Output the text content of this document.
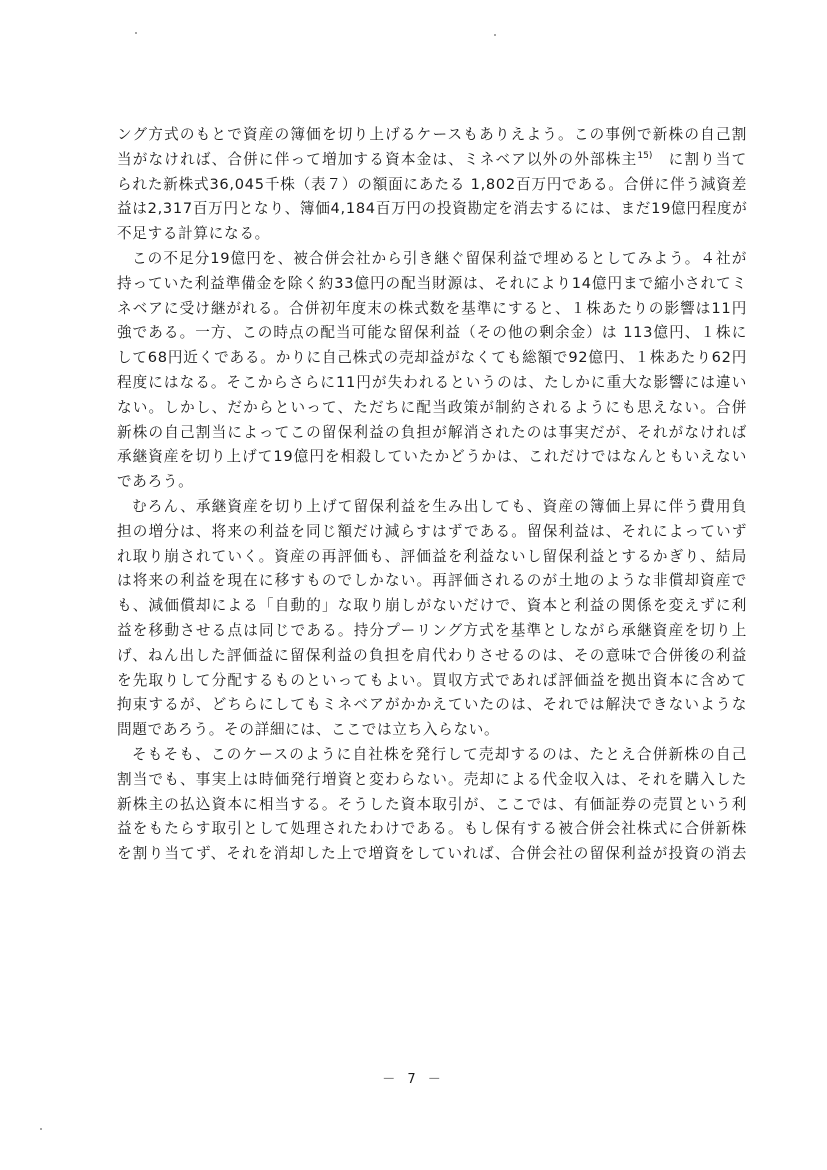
ング方式のもとで資産の簿価を切り上げるケースもありえよう。この事例で新株の自己割
当がなければ、合併に伴って増加する資本金は、ミネベア以外の外部株主$^{15)}$　 に割り当て
られた新株式36,045千株（表７）の額面にあたる 1,802百万円である。合併に伴う減資差
益は2,317百万円となり、簿価4,184百万円の投資勘定を消去するには、まだ19億円程度が
不足する計算になる。
この不足分19億円を、被合併会社から引き継ぐ留保利益で埋めるとしてみよう。４社が
持っていた利益準備金を除く約33億円の配当財源は、それにより14億円まで縮小されてミ
ネベアに受け継がれる。合併初年度末の株式数を基準にすると、１株あたりの影響は11円
強である。一方、この時点の配当可能な留保利益（その他の剰余金）は 113億円、１株に
して68円近くである。かりに自己株式の売却益がなくても総額で92億円、１株あたり62円
程度にはなる。そこからさらに11円が失われるというのは、たしかに重大な影響には違い
ない。しかし、だからといって、ただちに配当政策が制約されるようにも思えない。合併
新株の自己割当によってこの留保利益の負担が解消されたのは事実だが、それがなければ
承継資産を切り上げて19億円を相殺していたかどうかは、これだけではなんともいえない
であろう。
むろん、承継資産を切り上げて留保利益を生み出しても、資産の簿価上昇に伴う費用負
担の増分は、将来の利益を同じ額だけ減らすはずである。留保利益は、それによっていず
れ取り崩されていく。資産の再評価も、評価益を利益ないし留保利益とするかぎり、結局
は将来の利益を現在に移すものでしかない。再評価されるのが土地のような非償却資産で
も、減価償却による「自動的」な取り崩しがないだけで、資本と利益の関係を変えずに利
益を移動させる点は同じである。持分プーリング方式を基準としながら承継資産を切り上
げ、ねん出した評価益に留保利益の負担を肩代わりさせるのは、その意味で合併後の利益
を先取りして分配するものといってもよい。買収方式であれば評価益を拠出資本に含めて
拘束するが、どちらにしてもミネベアがかかえていたのは、それでは解決できないような
問題であろう。その詳細には、ここでは立ち入らない。
そもそも、このケースのように自社株を発行して売却するのは、たとえ合併新株の自己
割当でも、事実上は時価発行増資と変わらない。売却による代金収入は、それを購入した
新株主の払込資本に相当する。そうした資本取引が、ここでは、有価証券の売買という利
益をもたらす取引として処理されたわけである。もし保有する被合併会社株式に合併新株
を割り当てず、それを消却した上で増資をしていれば、合併会社の留保利益が投資の消去
－ 7 －
